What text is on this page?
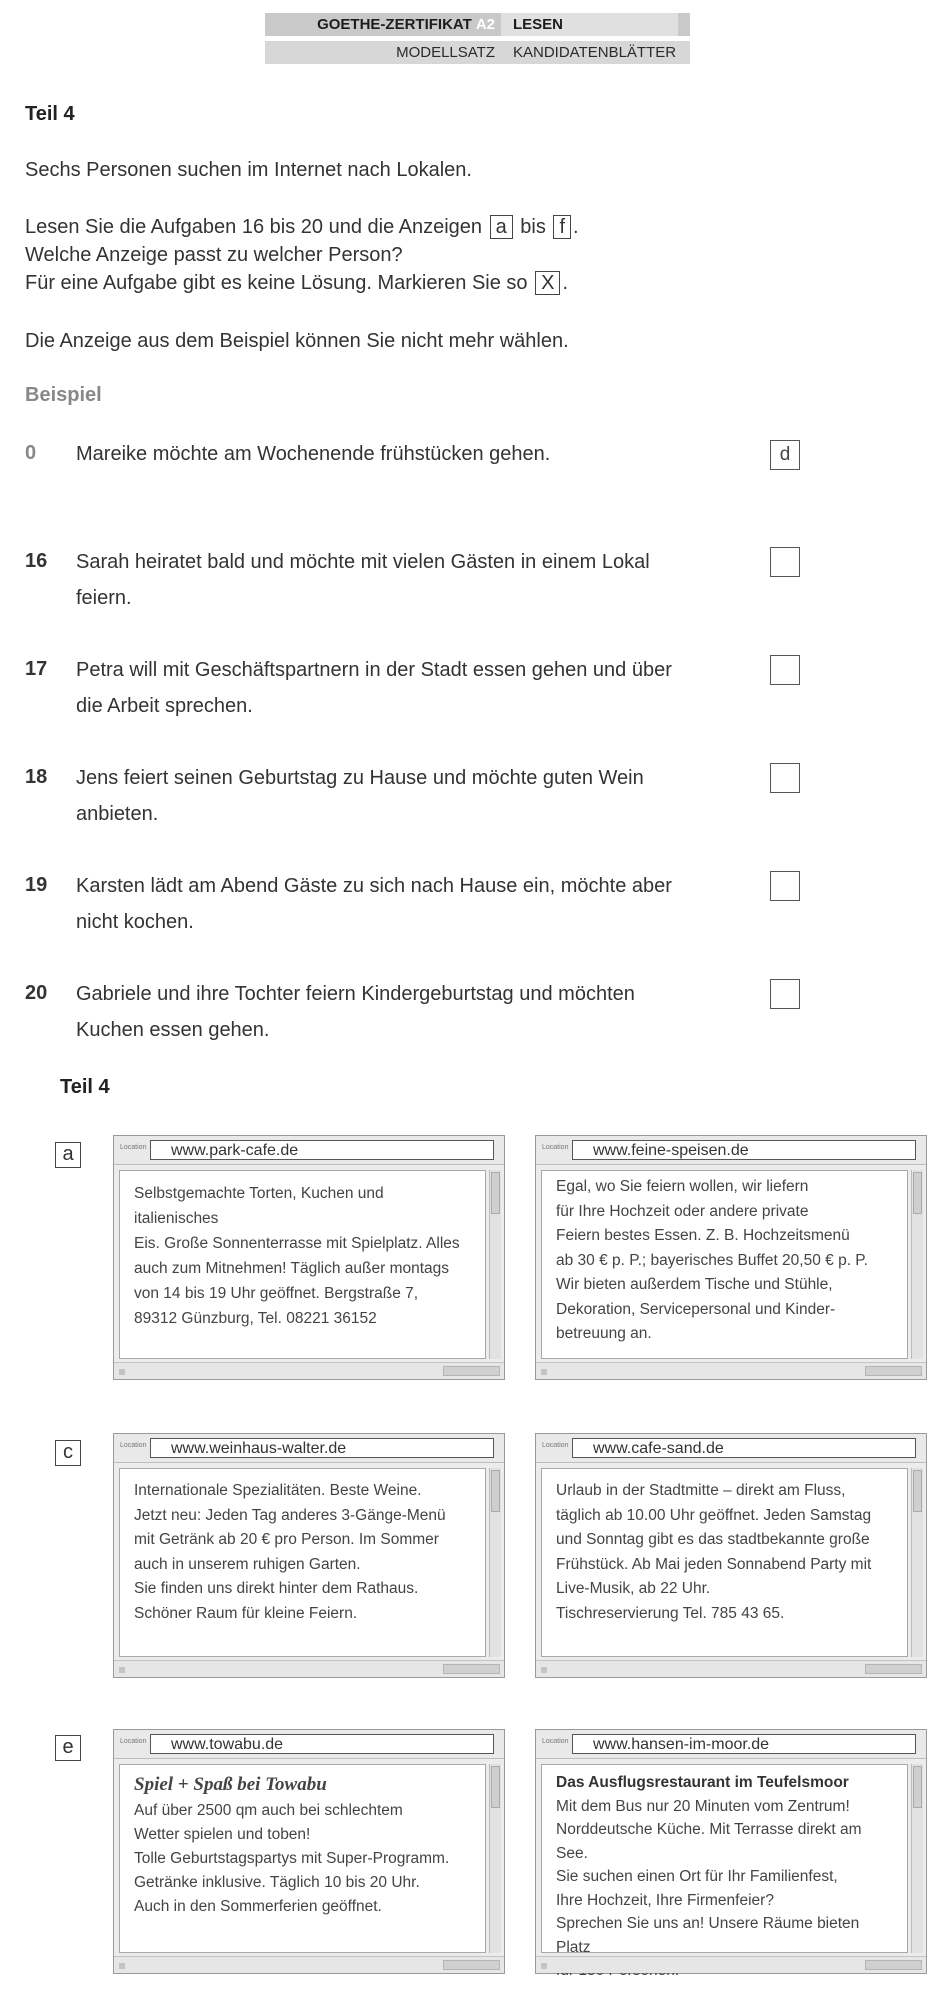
GOETHE-ZERTIFIKAT A2	LESEN
MODELLSATZ KANDIDATENBLÄTTER
Teil 4
Sechs Personen suchen im Internet nach Lokalen.
Lesen Sie die Aufgaben 16 bis 20 und die Anzeigen a bis f .
Welche Anzeige passt zu welcher Person?
Für eine Aufgabe gibt es keine Lösung. Markieren Sie so X .
Die Anzeige aus dem Beispiel können Sie nicht mehr wählen.
Beispiel
0 Mareike möchte am Wochenende frühstücken gehen.	d
16 Sarah heiratet bald und möchte mit vielen Gästen in einem Lokal
feiern.
17 Petra will mit Geschäftspartnern in der Stadt essen gehen und über
die Arbeit sprechen.
18 Jens feiert seinen Geburtstag zu Hause und möchte guten Wein
anbieten.
19 Karsten lädt am Abend Gäste zu sich nach Hause ein, möchte aber
nicht kochen.
20 Gabriele und ihre Tochter feiern Kindergeburtstag und möchten
Kuchen essen gehen.
Teil 4
a
c
e
Location	www.park-cafe.de
Selbstgemachte Torten, Kuchen und italienisches
Eis. Große Sonnenterrasse mit Spielplatz. Alles
auch zum Mitnehmen! Täglich außer montags
von 14 bis 19 Uhr geöffnet. Bergstraße 7,
89312 Günzburg, Tel. 08221 36152
Location	www.feine-speisen.de
Egal, wo Sie feiern wollen, wir liefern
für Ihre Hochzeit oder andere private
Feiern bestes Essen. Z. B. Hochzeitsmenü
ab 30 € p. P.; bayerisches Buffet 20,50 € p. P.
Wir bieten außerdem Tische und Stühle,
Dekoration, Servicepersonal und Kinder-
betreuung an.
Location	www.weinhaus-walter.de
Internationale Spezialitäten. Beste Weine.
Jetzt neu: Jeden Tag anderes 3-Gänge-Menü
mit Getränk ab 20 € pro Person. Im Sommer
auch in unserem ruhigen Garten.
Sie finden uns direkt hinter dem Rathaus.
Schöner Raum für kleine Feiern.
Location	www.cafe-sand.de
Urlaub in der Stadtmitte – direkt am Fluss,
täglich ab 10.00 Uhr geöffnet. Jeden Samstag
und Sonntag gibt es das stadtbekannte große
Frühstück. Ab Mai jeden Sonnabend Party mit
Live-Musik, ab 22 Uhr.
Tischreservierung Tel. 785 43 65.
Location	www.towabu.de
Spiel + Spaß bei Towabu
Auf über 2500 qm auch bei schlechtem
Wetter spielen und toben!
Tolle Geburtstagspartys mit Super-Programm.
Getränke inklusive. Täglich 10 bis 20 Uhr.
Auch in den Sommerferien geöffnet.
Location	www.hansen-im-moor.de
Das Ausflugsrestaurant im Teufelsmoor
Mit dem Bus nur 20 Minuten vom Zentrum!
Norddeutsche Küche. Mit Terrasse direkt am See.
Sie suchen einen Ort für Ihr Familienfest,
Ihre Hochzeit, Ihre Firmenfeier?
Sprechen Sie uns an! Unsere Räume bieten Platz
